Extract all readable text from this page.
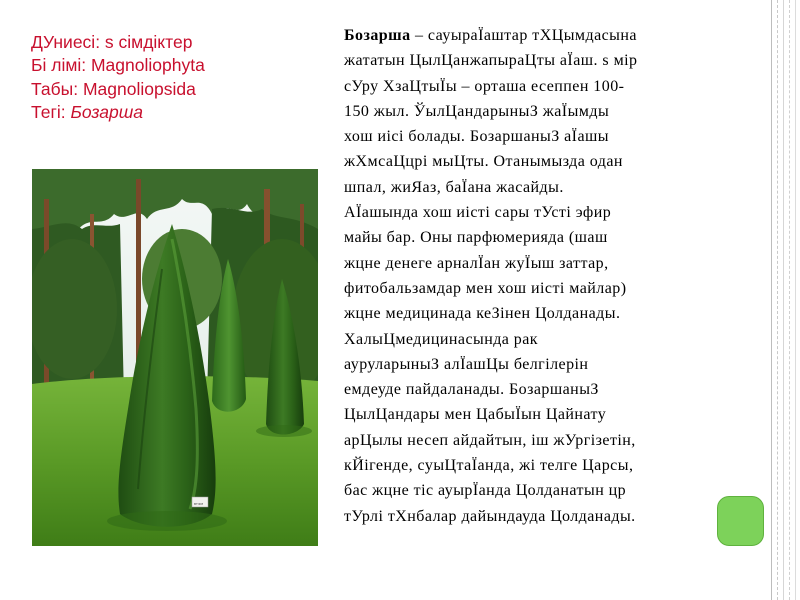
ДУниесі: s сімдіктер
Бі лімі: Magnoliophyta
Табы: Magnoliopsida
Тегі: Бозарша
ВТФМ
Бозарша – сауыраЇаштар тХЦымдасына
жататын ЦылЦанжапыраЦты аЇаш. s мір
сУру ХзаЦтыЇы – орташа есеппен 100-
150 жыл. ЎылЦандарыныЗ жаЇымды
хош иісі болады. БозаршаныЗ аЇашы
жХмсаЦцрі мыЦты. Отанымызда одан
шпал, жиЯаз, баЇана жасайды.
АЇашында хош иісті сары тУсті эфир
майы бар. Оны парфюмерияда (шаш
жцне денеге арналЇан жуЇыш заттар,
фитобальзамдар мен хош иісті майлар)
жцне медицинада кеЗінен Цолданады.
ХалыЦмедицинасында рак
ауруларыныЗ алЇашЦы белгілерін
емдеуде пайдаланады. БозаршаныЗ
ЦылЦандары мен ЦабыЇын Цайнату
арЦылы несеп айдайтын, іш жУргізетін,
кЙігенде, суыЦтаЇанда, жі телге Царсы,
бас жцне тіс ауырЇанда Цолданатын цр
тУрлі тХнбалар дайындауда Цолданады.
